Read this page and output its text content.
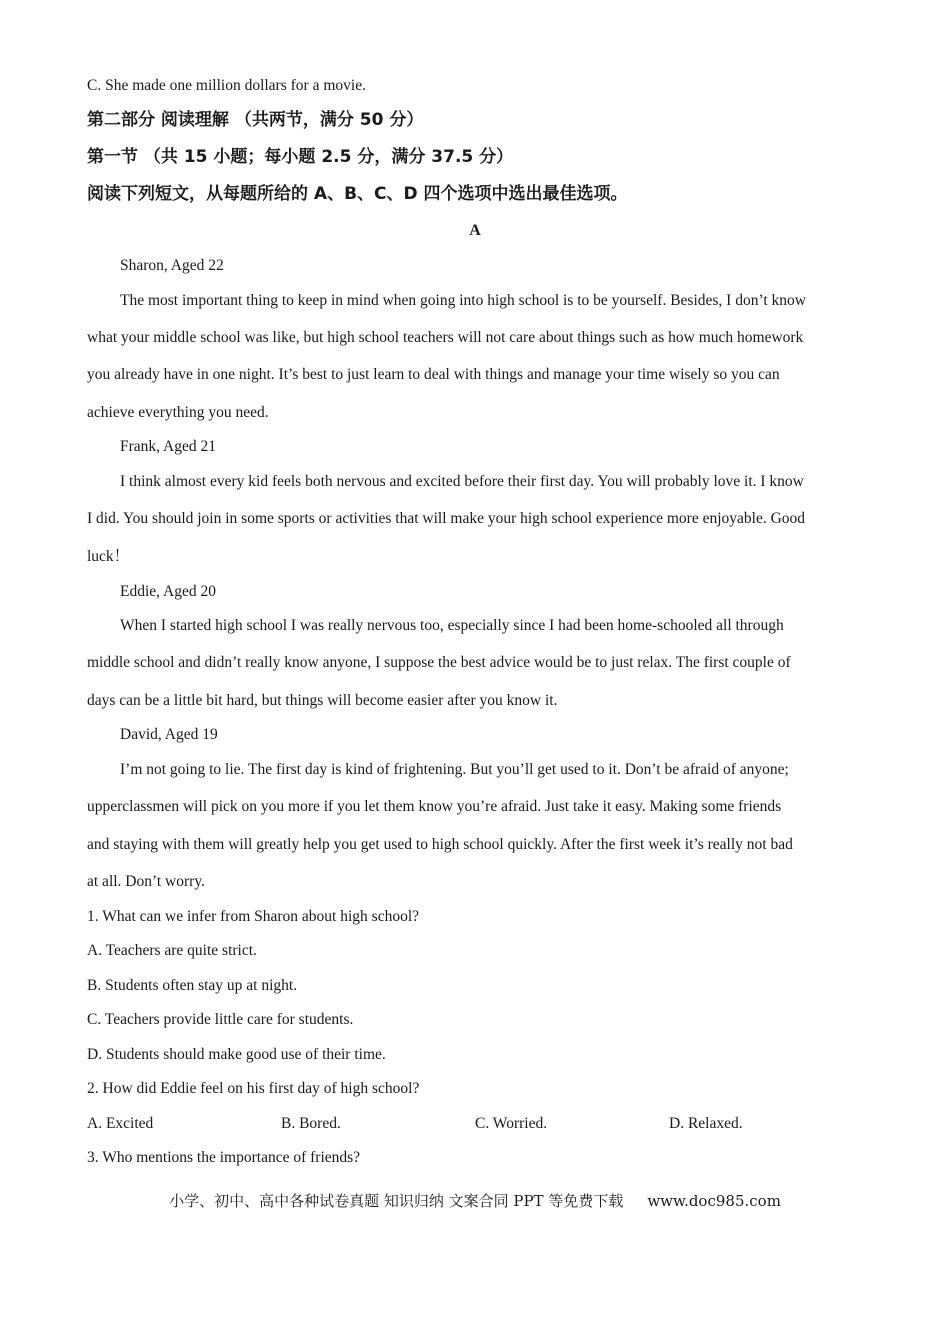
C. She made one million dollars for a movie.
第二部分 阅读理解 （共两节，满分 50 分）
第一节 （共 15 小题；每小题 2.5 分，满分 37.5 分）
阅读下列短文，从每题所给的 A、B、C、D 四个选项中选出最佳选项。
A
Sharon, Aged 22
The most important thing to keep in mind when going into high school is to be yourself. Besides, I don’t know
what your middle school was like, but high school teachers will not care about things such as how much homework
you already have in one night. It’s best to just learn to deal with things and manage your time wisely so you can
achieve everything you need.
Frank, Aged 21
I think almost every kid feels both nervous and excited before their first day. You will probably love it. I know
I did. You should join in some sports or activities that will make your high school experience more enjoyable. Good
luck！
Eddie, Aged 20
When I started high school I was really nervous too, especially since I had been home-schooled all through
middle school and didn’t really know anyone, I suppose the best advice would be to just relax. The first couple of
days can be a little bit hard, but things will become easier after you know it.
David, Aged 19
I’m not going to lie. The first day is kind of frightening. But you’ll get used to it. Don’t be afraid of anyone;
upperclassmen will pick on you more if you let them know you’re afraid. Just take it easy. Making some friends
and staying with them will greatly help you get used to high school quickly. After the first week it’s really not bad
at all. Don’t worry.
1. What can we infer from Sharon about high school?
A. Teachers are quite strict.
B. Students often stay up at night.
C. Teachers provide little care for students.
D. Students should make good use of their time.
2. How did Eddie feel on his first day of high school?
A. Excited	B. Bored.	C. Worried.	D. Relaxed.
3. Who mentions the importance of friends?
小学、初中、高中各种试卷真题 知识归纳 文案合同 PPT 等免费下载 www.doc985.com
